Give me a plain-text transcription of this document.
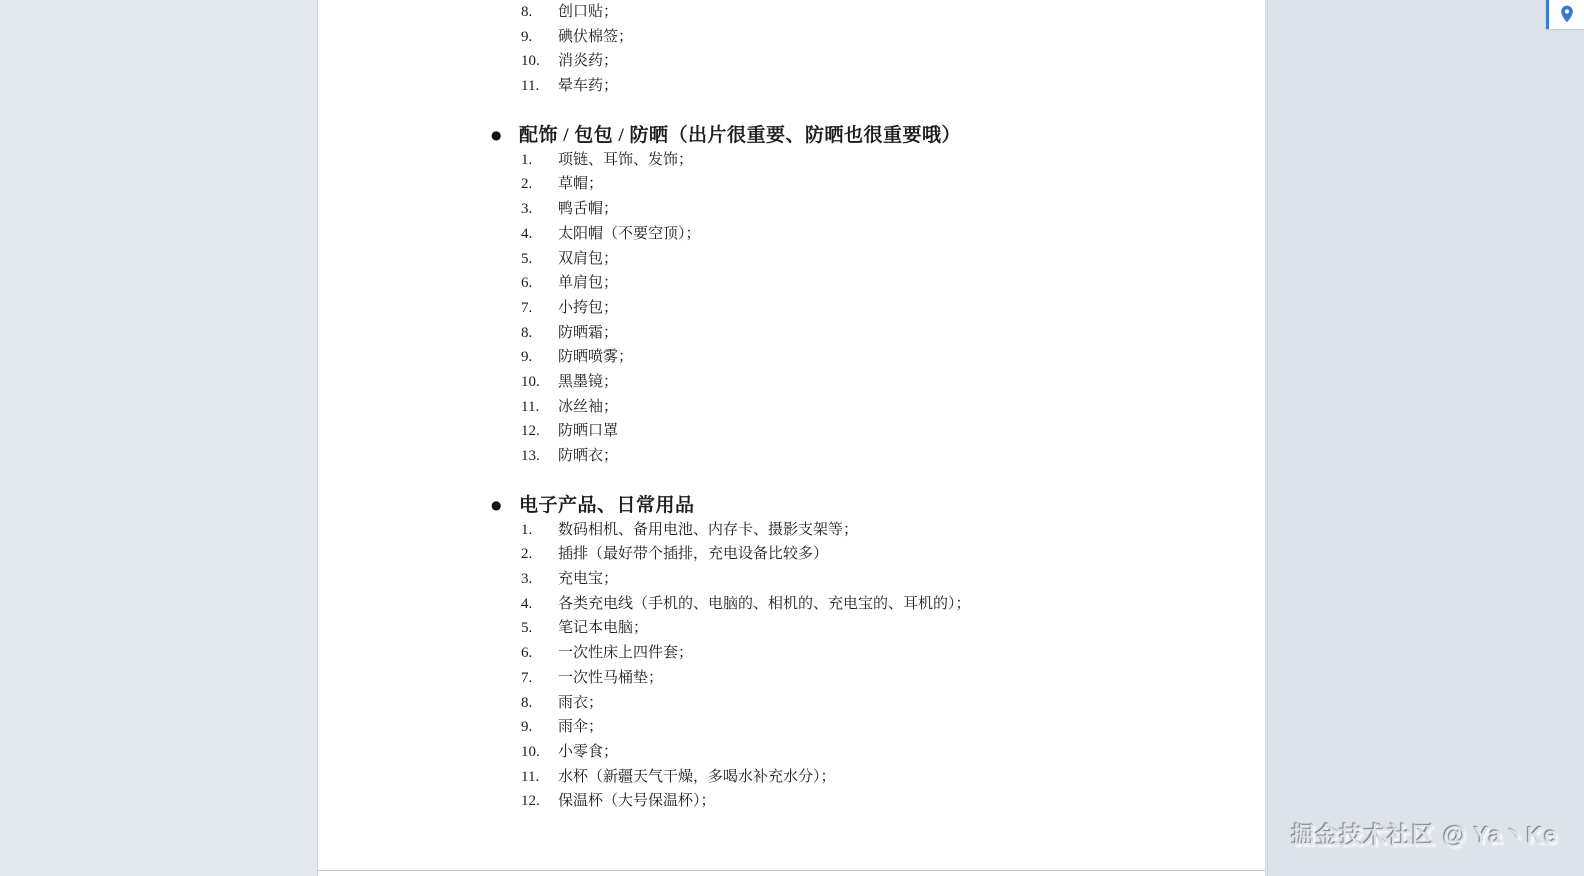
8.	创口贴；
9.	碘伏棉签；
10.	消炎药；
11.	晕车药；
● 配饰 / 包包 / 防晒（出片很重要、防晒也很重要哦）
1.	项链、耳饰、发饰；
2.	草帽；
3.	鸭舌帽；
4.	太阳帽（不要空顶）；
5.	双肩包；
6.	单肩包；
7.	小挎包；
8.	防晒霜；
9.	防晒喷雾；
10.	黑墨镜；
11.	冰丝袖；
12.	防晒口罩
13.	防晒衣；
● 电子产品、日常用品
1.	数码相机、备用电池、内存卡、摄影支架等；
2.	插排（最好带个插排，充电设备比较多）
3.	充电宝；
4.	各类充电线（手机的、电脑的、相机的、充电宝的、耳机的）；
5.	笔记本电脑；
6.	一次性床上四件套；
7.	一次性马桶垫；
8.	雨衣；
9.	雨伞；
10.	小零食；
11.	水杯（新疆天气干燥，多喝水补充水分）；
12.	保温杯（大号保温杯）；
掘金技术社区 @ Ya丶Ke
